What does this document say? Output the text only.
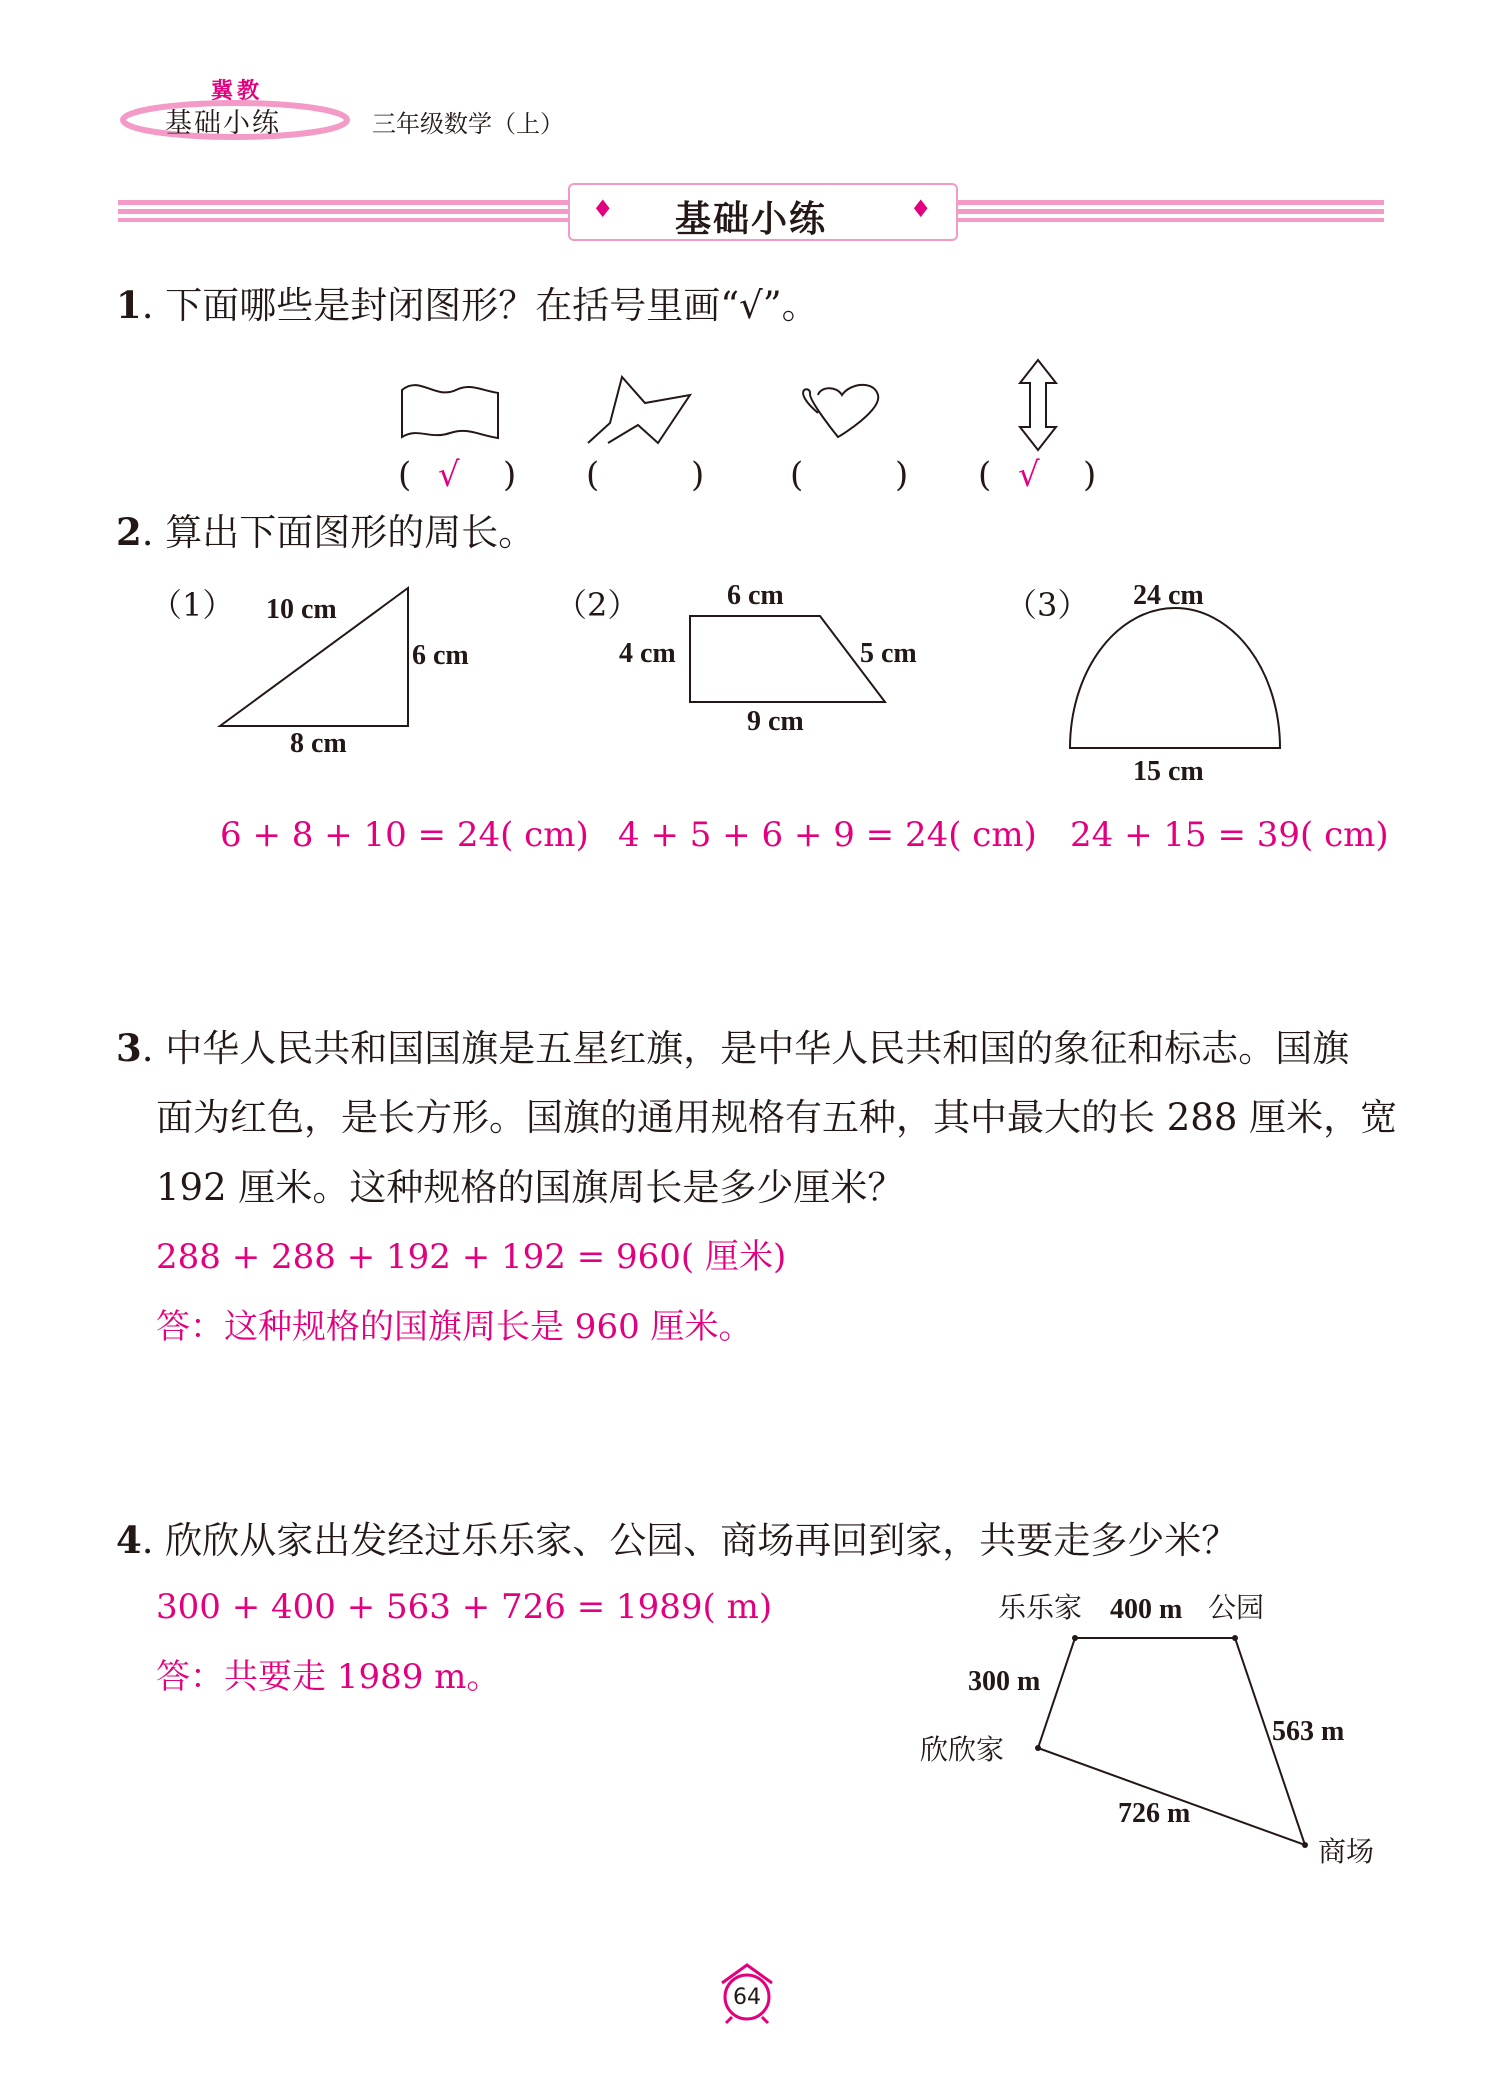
冀教
基础小练	三年级数学（上）
♦ 基础小练	♦
1. 下面哪些是封闭图形？在括号里画“√”。
( √ ) (	)	(	) ( √ )
2. 算出下面图形的周长。
（1） 10 cm
6 cm
8 cm
（2）	6 cm
4 cm	5 cm
9 cm
（3） 24 cm
15 cm
6 + 8 + 10 = 24( cm) 4 + 5 + 6 + 9 = 24( cm) 24 + 15 = 39( cm)
3. 中华人民共和国国旗是五星红旗，是中华人民共和国的象征和标志。国旗
面为红色，是长方形。国旗的通用规格有五种，其中最大的长 288 厘米，宽
192 厘米。这种规格的国旗周长是多少厘米？
288 + 288 + 192 + 192 = 960( 厘米)
答：这种规格的国旗周长是 960 厘米。
4. 欣欣从家出发经过乐乐家、公园、商场再回到家，共要走多少米？
300 + 400 + 563 + 726 = 1989( m)
答：共要走 1989 m。
乐乐家	公园
欣欣家
商场
400 m
300 m
563 m
726 m
64
